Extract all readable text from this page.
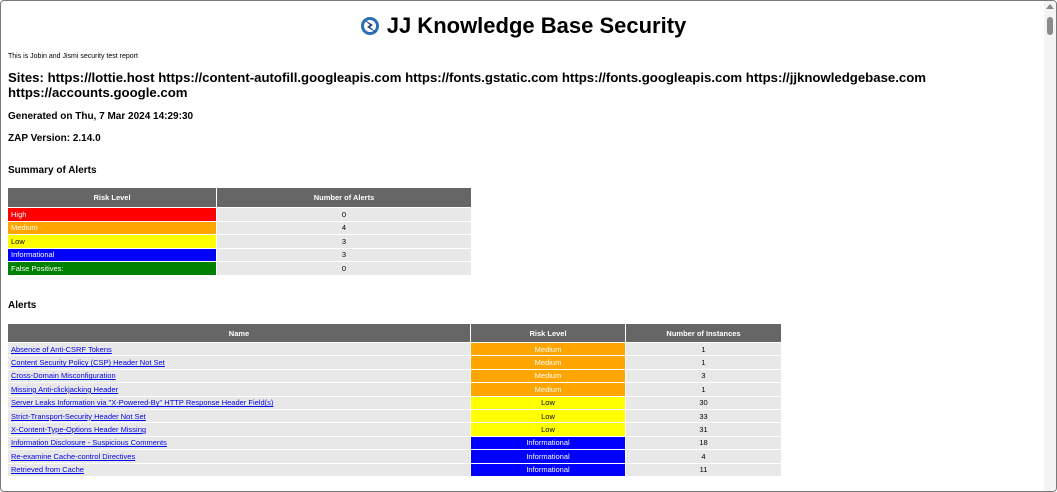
JJ Knowledge Base Security
This is Jobin and Jismi security test report
Sites: https://lottie.host https://content-autofill.googleapis.com https://fonts.gstatic.com https://fonts.googleapis.com https://jjknowledgebase.com https://accounts.google.com
Generated on Thu, 7 Mar 2024 14:29:30
ZAP Version: 2.14.0
Summary of Alerts
Risk Level	Number of Alerts
High	0
Medium	4
Low	3
Informational	3
False Positives:	0
Alerts
Name	Risk Level	Number of Instances
Absence of Anti-CSRF Tokens	Medium	1
Content Security Policy (CSP) Header Not Set	Medium	1
Cross-Domain Misconfiguration	Medium	3
Missing Anti-clickjacking Header	Medium	1
Server Leaks Information via "X-Powered-By" HTTP Response Header Field(s)	Low	30
Strict-Transport-Security Header Not Set	Low	33
X-Content-Type-Options Header Missing	Low	31
Information Disclosure - Suspicious Comments	Informational	18
Re-examine Cache-control Directives	Informational	4
Retrieved from Cache	Informational	11
